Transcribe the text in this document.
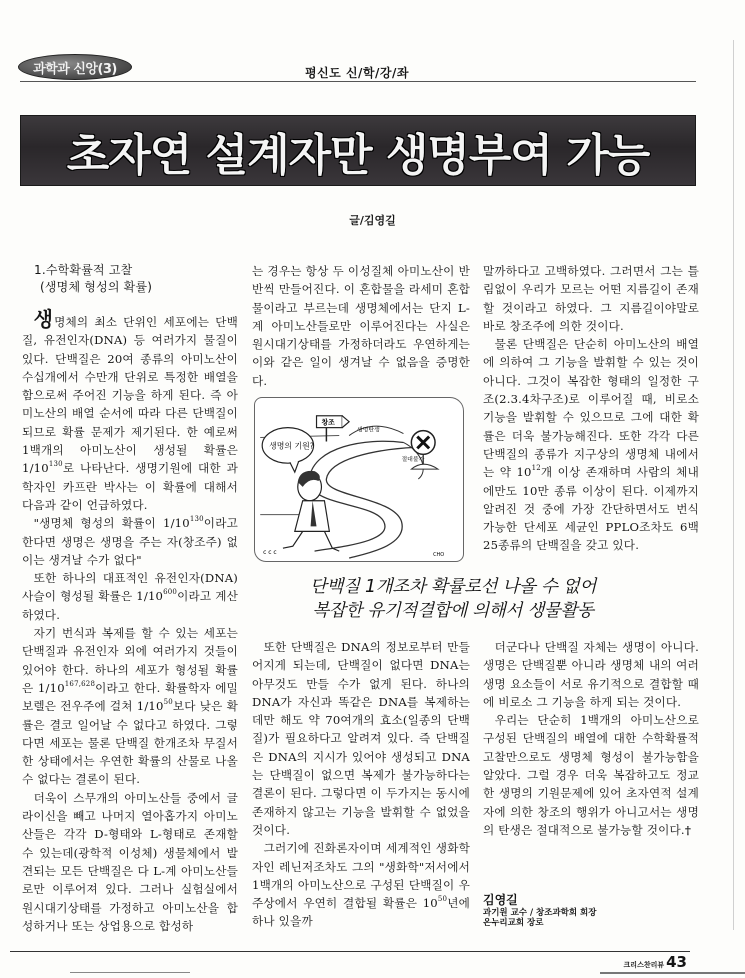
과학과 신앙(3)	평신도 신/학/강/좌
초자연 설계자만 생명부여 가능
글/김영길
1.수학확률적 고찰
(생명체 형성의 확률)

생명체의 최소 단위인 세포에는 단백질, 유전인자(DNA) 등 여러가지 물질이 있다. 단백질은 20여 종류의 아미노산이 수십개에서 수만개 단위로 특정한 배열을 함으로써 주어진 기능을 하게 된다. 즉 아미노산의 배열 순서에 따라 다른 단백질이 되므로 확률 문제가 제기된다. 한 예로써 1백개의 아미노산이 생성될 확률은 $1/10^{130}$로 나타난다. 생명기원에 대한 과학자인 카프란 박사는 이 확률에 대해서 다음과 같이 언급하였다.

"생명체 형성의 확률이 $1/10^{130}$이라고 한다면 생명은 생명을 주는 자(창조주) 없이는 생겨날 수가 없다"

또한 하나의 대표적인 유전인자(DNA)사슬이 형성될 확률은 $1/10^{600}$이라고 계산하였다.

자기 번식과 복제를 할 수 있는 세포는 단백질과 유전인자 외에 여러가지 것들이 있어야 한다. 하나의 세포가 형성될 확률은 1/10$^{167,628}$이라고 한다. 확률학자 에밀 보렐은 전우주에 걸쳐 $1/10^{50}$보다 낮은 확률은 결코 일어날 수 없다고 하였다. 그렇다면 세포는 물론 단백질 한개조차 무질서한 상태에서는 우연한 확률의 산물로 나올 수 없다는 결론이 된다.

더욱이 스무개의 아미노산들 중에서 글라이신을 빼고 나머지 열아홉가지 아미노산들은 각각 D-형태와 L-형태로 존재할 수 있는데(광학적 이성체) 생물체에서 발견되는 모든 단백질은 다 L-계 아미노산들로만 이루어져 있다. 그러나 실험실에서 원시대기상태를 가정하고 아미노산을 합성하거나 또는 상업용으로 합성하

는 경우는 항상 두 이성질체 아미노산이 반반씩 만들어진다. 이 혼합물을 라세미 혼합물이라고 부르는데 생명체에서는 단지 L-계 아미노산들로만 이루어진다는 사실은 원시대기상태를 가정하더라도 우연하게는 이와 같은 일이 생겨날 수 없음을 증명한다.

생명탄생
창조
절대불가
생명의 기원?
c c c	CHO

말까하다고 고백하였다. 그러면서 그는 틀림없이 우리가 모르는 어떤 지름길이 존재할 것이라고 하였다. 그 지름길이야말로 바로 창조주에 의한 것이다.

물론 단백질은 단순히 아미노산의 배열에 의하여 그 기능을 발휘할 수 있는 것이 아니다. 그것이 복잡한 형태의 일정한 구조(2.3.4차구조)로 이루어질 때, 비로소 기능을 발휘할 수 있으므로 그에 대한 확률은 더욱 불가능해진다. 또한 각각 다른 단백질의 종류가 지구상의 생명체 내에서는 약 $10^{12}$개 이상 존재하며 사람의 체내에만도 10만 종류 이상이 된다. 이제까지 알려진 것 중에 가장 간단하면서도 번식 가능한 단세포 세균인 PPLO조차도 6백25종류의 단백질을 갖고 있다.

단백질 1개조차 확률로선 나올 수 없어
복잡한 유기적결합에 의해서 생물활동

또한 단백질은 DNA의 정보로부터 만들어지게 되는데, 단백질이 없다면 DNA는 아무것도 만들 수가 없게 된다. 하나의 DNA가 자신과 똑같은 DNA를 복제하는데만 해도 약 70여개의 효소(일종의 단백질)가 필요하다고 알려져 있다. 즉 단백질은 DNA의 지시가 있어야 생성되고 DNA는 단백질이 없으면 복제가 불가능하다는 결론이 된다. 그렇다면 이 두가지는 동시에 존재하지 않고는 기능을 발휘할 수 없었을 것이다.

그러기에 진화론자이며 세계적인 생화학자인 레닌저조차도 그의 "생화학"저서에서 1백개의 아미노산으로 구성된 단백질이 우주상에서 우연히 결합될 확률은 $10^{50}$년에 하나 있을까

더군다나 단백질 자체는 생명이 아니다. 생명은 단백질뿐 아니라 생명체 내의 여러 생명 요소들이 서로 유기적으로 결합할 때에 비로소 그 기능을 하게 되는 것이다.

우리는 단순히 1백개의 아미노산으로 구성된 단백질의 배열에 대한 수학확률적 고찰만으로도 생명체 형성이 불가능함을 알았다. 그럴 경우 더욱 복잡하고도 정교한 생명의 기원문제에 있어 초자연적 설계자에 의한 창조의 행위가 아니고서는 생명의 탄생은 절대적으로 불가능할 것이다.†

김영길
과기원 교수 / 창조과학회 회장
온누리교회 장로
크리스찬리뷰 43
